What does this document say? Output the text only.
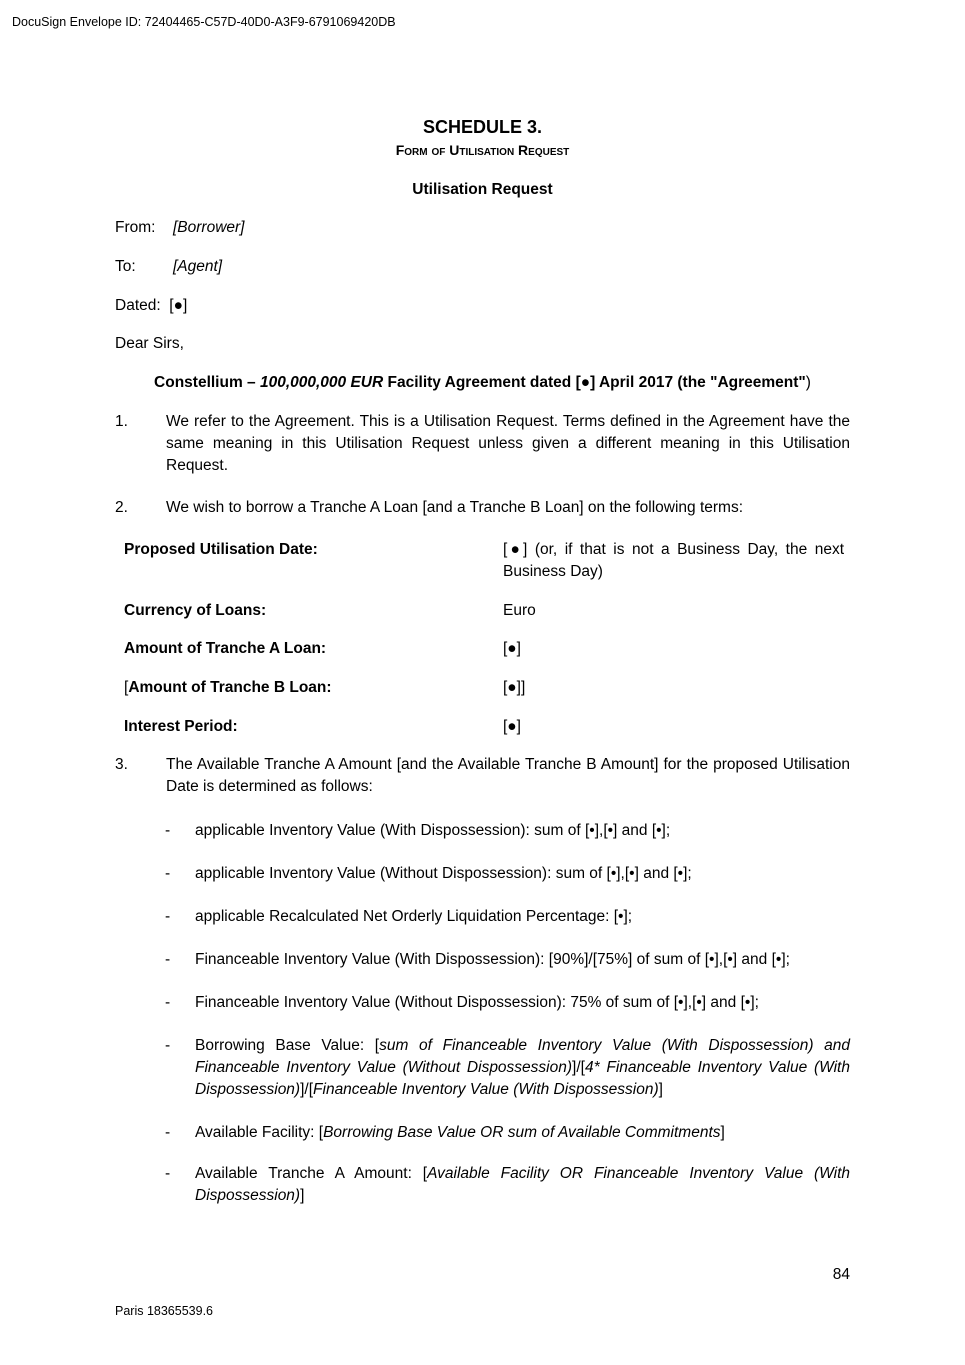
DocuSign Envelope ID: 72404465-C57D-40D0-A3F9-6791069420DB
SCHEDULE 3.
Form of Utilisation Request
Utilisation Request
From: [Borrower]
To: [Agent]
Dated: [●]
Dear Sirs,
Constellium – 100,000,000 EUR Facility Agreement dated [●] April 2017 (the "Agreement")
1. We refer to the Agreement. This is a Utilisation Request. Terms defined in the Agreement have the same meaning in this Utilisation Request unless given a different meaning in this Utilisation Request.
2. We wish to borrow a Tranche A Loan [and a Tranche B Loan] on the following terms:
Proposed Utilisation Date:	[●] (or, if that is not a Business Day, the next Business Day)
Currency of Loans:	Euro
Amount of Tranche A Loan:	[●]
[Amount of Tranche B Loan:	[●]]
Interest Period:	[●]
3. The Available Tranche A Amount [and the Available Tranche B Amount] for the proposed Utilisation Date is determined as follows:
- applicable Inventory Value (With Dispossession): sum of [•],[•] and [•];
- applicable Inventory Value (Without Dispossession): sum of [•],[•] and [•];
- applicable Recalculated Net Orderly Liquidation Percentage: [•];
- Financeable Inventory Value (With Dispossession): [90%]/[75%] of sum of [•],[•] and [•];
- Financeable Inventory Value (Without Dispossession): 75% of sum of [•],[•] and [•];
- Borrowing Base Value: [sum of Financeable Inventory Value (With Dispossession) and Financeable Inventory Value (Without Dispossession)]/[4* Financeable Inventory Value (With Dispossession)]/[Financeable Inventory Value (With Dispossession)]
- Available Facility: [Borrowing Base Value OR sum of Available Commitments]
- Available Tranche A Amount: [Available Facility OR Financeable Inventory Value (With Dispossession)]
84
Paris 18365539.6
